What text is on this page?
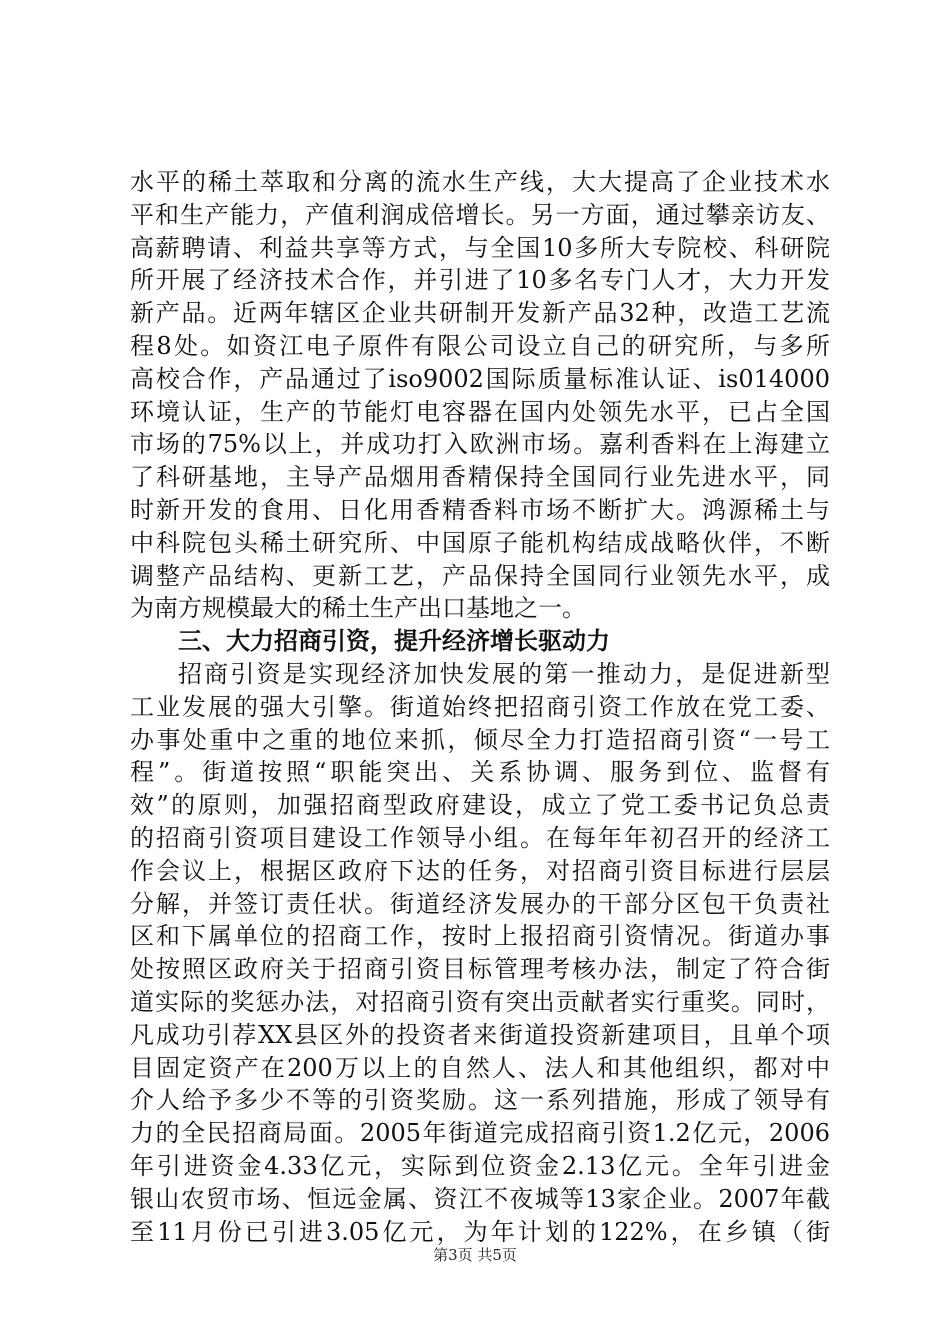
水平的稀土萃取和分离的流水生产线，大大提高了企业技术水
平和生产能力，产值利润成倍增长。另一方面，通过攀亲访友、
高薪聘请、利益共享等方式，与全国10多所大专院校、科研院
所开展了经济技术合作，并引进了10多名专门人才，大力开发
新产品。近两年辖区企业共研制开发新产品32种，改造工艺流
程8处。如资江电子原件有限公司设立自己的研究所，与多所
高校合作，产品通过了iso9002国际质量标准认证、is014000
环境认证，生产的节能灯电容器在国内处领先水平，已占全国
市场的75%以上，并成功打入欧洲市场。嘉利香料在上海建立
了科研基地，主导产品烟用香精保持全国同行业先进水平，同
时新开发的食用、日化用香精香料市场不断扩大。鸿源稀土与
中科院包头稀土研究所、中国原子能机构结成战略伙伴，不断
调整产品结构、更新工艺，产品保持全国同行业领先水平，成
为南方规模最大的稀土生产出口基地之一。
三、大力招商引资，提升经济增长驱动力
招商引资是实现经济加快发展的第一推动力，是促进新型
工业发展的强大引擎。街道始终把招商引资工作放在党工委、
办事处重中之重的地位来抓，倾尽全力打造招商引资“一号工
程”。街道按照“职能突出、关系协调、服务到位、监督有
效”的原则，加强招商型政府建设，成立了党工委书记负总责
的招商引资项目建设工作领导小组。在每年年初召开的经济工
作会议上，根据区政府下达的任务，对招商引资目标进行层层
分解，并签订责任状。街道经济发展办的干部分区包干负责社
区和下属单位的招商工作，按时上报招商引资情况。街道办事
处按照区政府关于招商引资目标管理考核办法，制定了符合街
道实际的奖惩办法，对招商引资有突出贡献者实行重奖。同时，
凡成功引荐XX县区外的投资者来街道投资新建项目，且单个项
目固定资产在200万以上的自然人、法人和其他组织，都对中
介人给予多少不等的引资奖励。这一系列措施，形成了领导有
力的全民招商局面。2005年街道完成招商引资1.2亿元，2006
年引进资金4.33亿元，实际到位资金2.13亿元。全年引进金
银山农贸市场、恒远金属、资江不夜城等13家企业。2007年截
至11月份已引进3.05亿元，为年计划的122%，在乡镇（街
第3页 共5页
